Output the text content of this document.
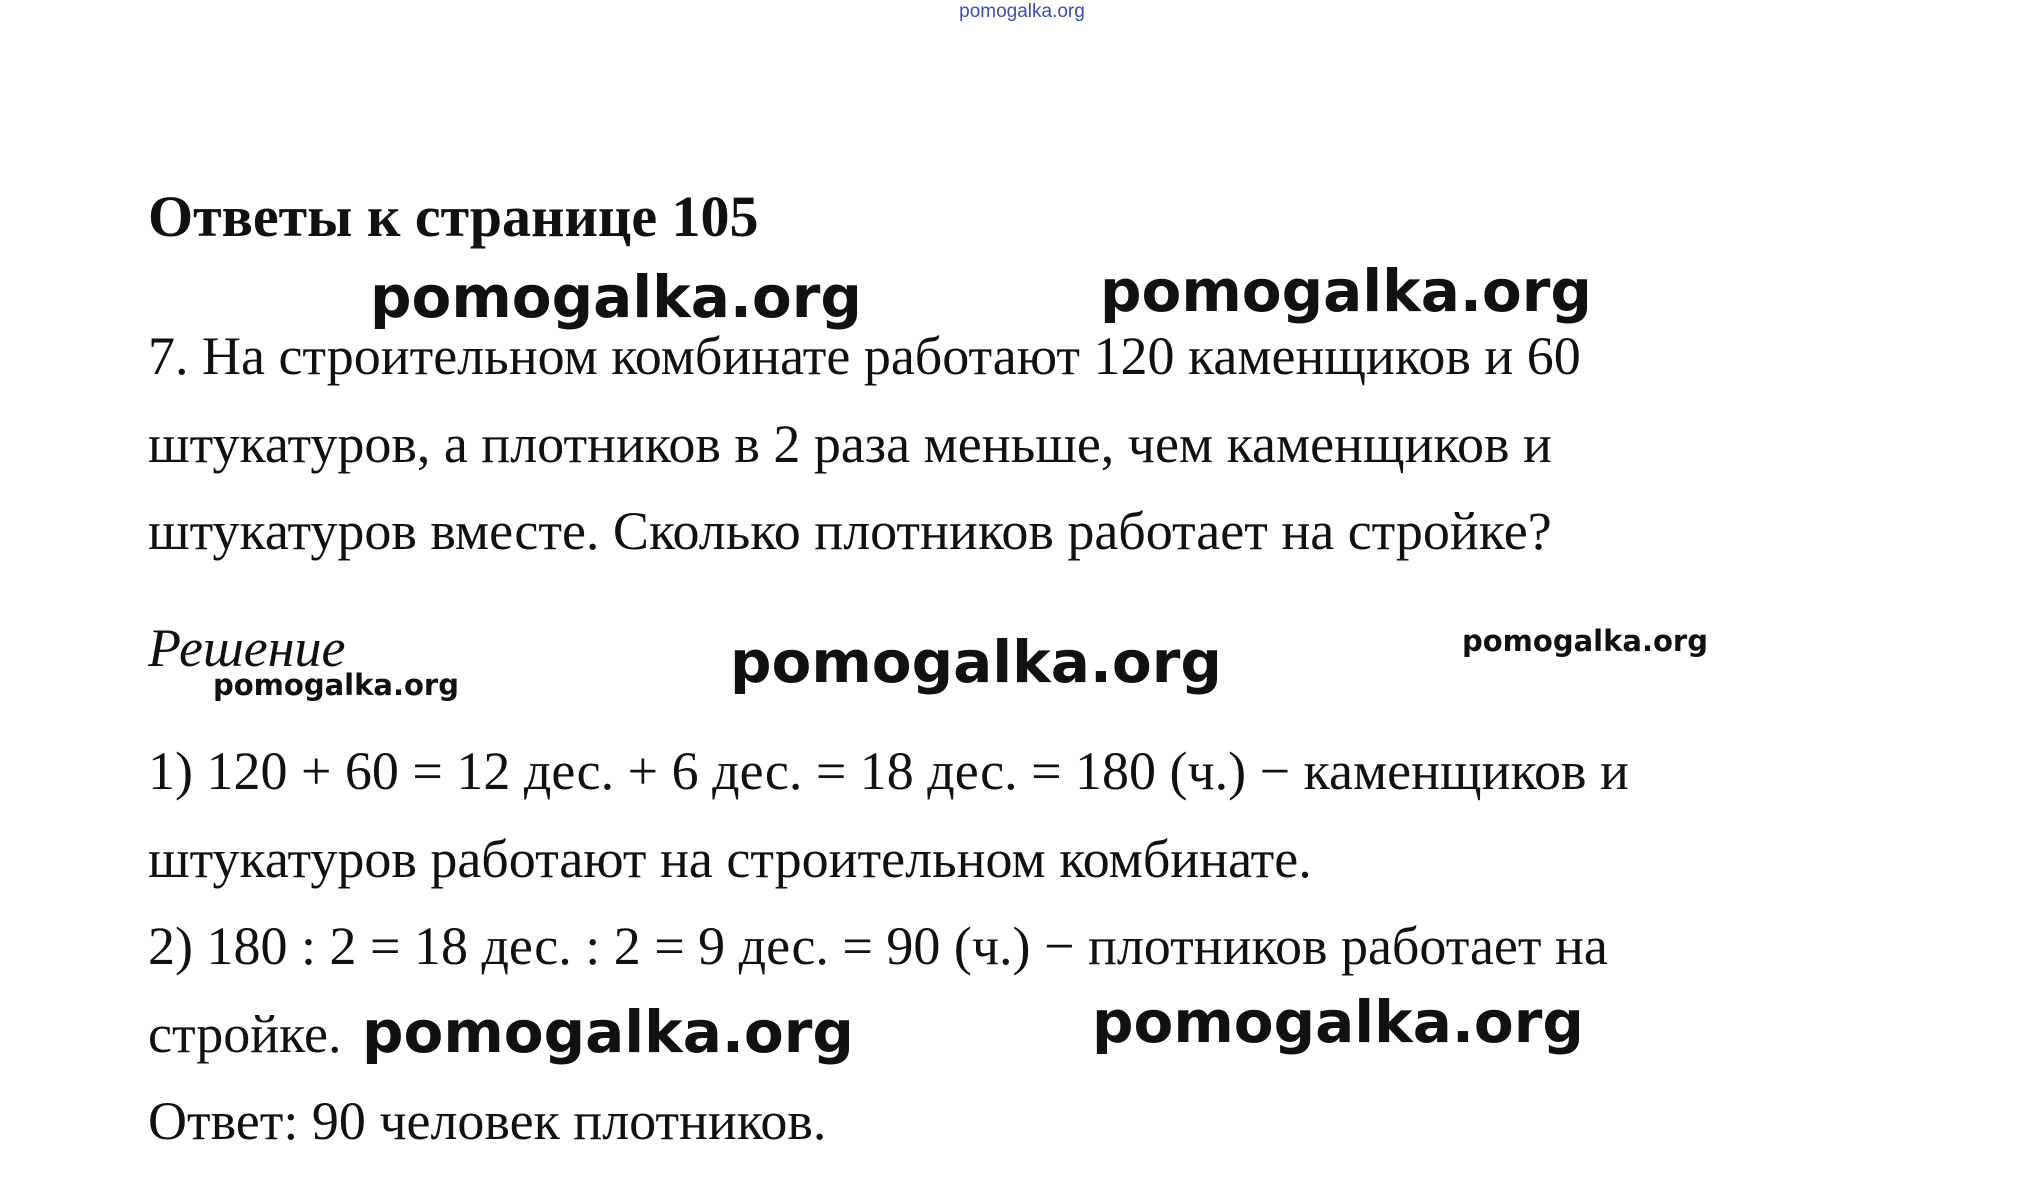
pomogalka.org
Ответы к странице 105
pomogalka.org	pomogalka.org
7. На строительном комбинате работают 120 каменщиков и 60
штукатуров, а плотников в 2 раза меньше, чем каменщиков и
штукатуров вместе. Сколько плотников работает на стройке?
Решение
pomogalka.org	pomogalka.org	pomogalka.org
1) 120 + 60 = 12 дес. + 6 дес. = 18 дес. = 180 (ч.) − каменщиков и
штукатуров работают на строительном комбинате.
2) 180 : 2 = 18 дес. : 2 = 9 дес. = 90 (ч.) − плотников работает на
стройке. pomogalka.org	pomogalka.org
Ответ: 90 человек плотников.
